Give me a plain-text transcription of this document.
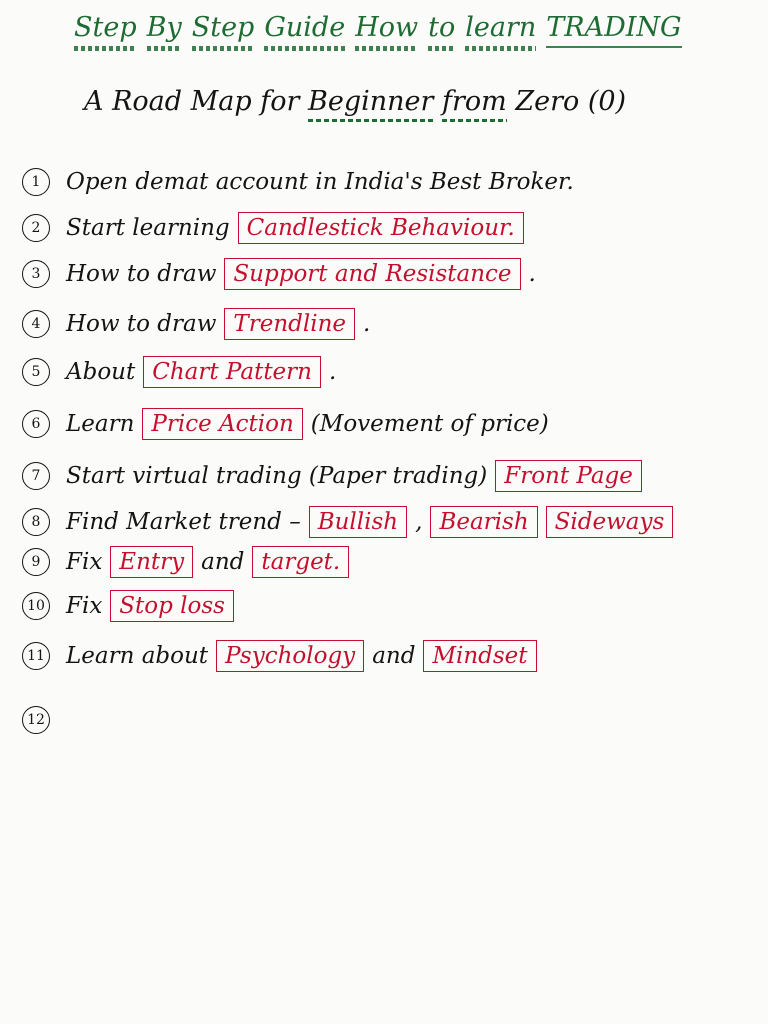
Step By Step Guide How to learn TRADING
A Road Map for Beginner from Zero (0)
1	Open demat account in India's Best Broker.
2	Start learning Candlestick Behaviour.
3	How to draw Support and Resistance .
4	How to draw Trendline .
5	About Chart Pattern .
6	Learn Price Action (Movement of price)
7	Start virtual trading (Paper trading) Front Page
8	Find Market trend – Bullish , Bearish	Sideways
9	Fix Entry and target.
10 Fix Stop loss
11 Learn about Psychology and Mindset
12
